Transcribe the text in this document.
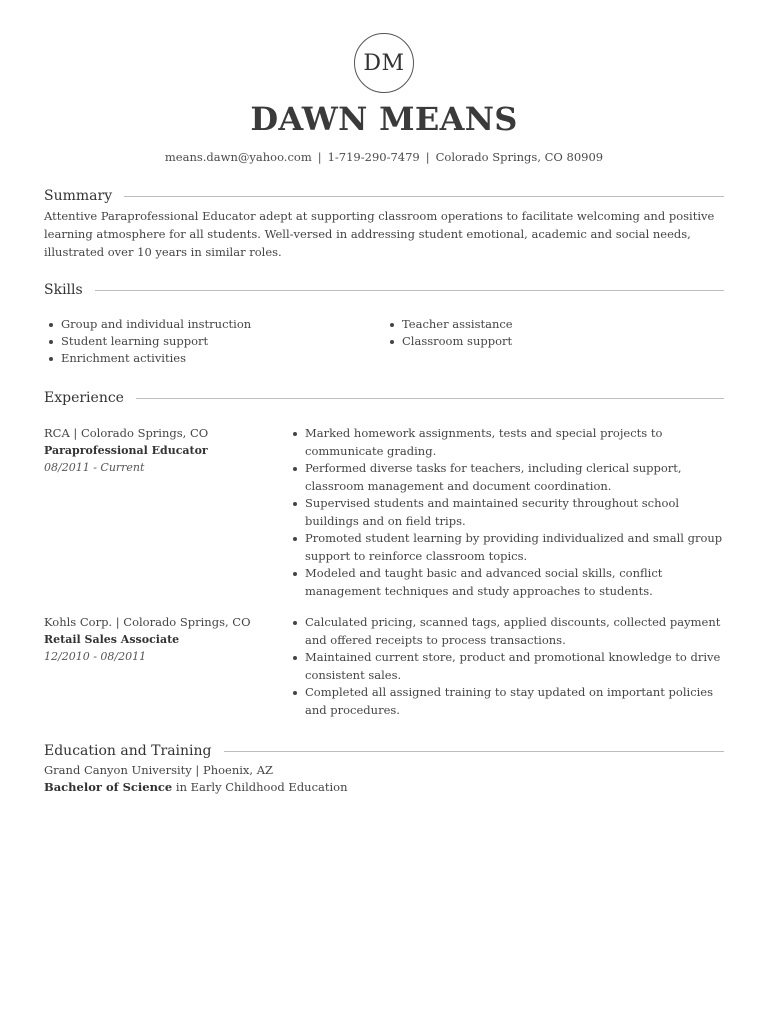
DM
DAWN MEANS
means.dawn@yahoo.com | 1-719-290-7479 | Colorado Springs, CO 80909
Summary
Attentive Paraprofessional Educator adept at supporting classroom operations to facilitate welcoming and positive learning atmosphere for all students. Well-versed in addressing student emotional, academic and social needs, illustrated over 10 years in similar roles.
Skills
Group and individual instruction
Student learning support
Enrichment activities
Teacher assistance
Classroom support
Experience
RCA | Colorado Springs, CO
Paraprofessional Educator
08/2011 - Current
Marked homework assignments, tests and special projects to communicate grading.
Performed diverse tasks for teachers, including clerical support, classroom management and document coordination.
Supervised students and maintained security throughout school buildings and on field trips.
Promoted student learning by providing individualized and small group support to reinforce classroom topics.
Modeled and taught basic and advanced social skills, conflict management techniques and study approaches to students.
Kohls Corp. | Colorado Springs, CO
Retail Sales Associate
12/2010 - 08/2011
Calculated pricing, scanned tags, applied discounts, collected payment and offered receipts to process transactions.
Maintained current store, product and promotional knowledge to drive consistent sales.
Completed all assigned training to stay updated on important policies and procedures.
Education and Training
Grand Canyon University | Phoenix, AZ
Bachelor of Science in Early Childhood Education
